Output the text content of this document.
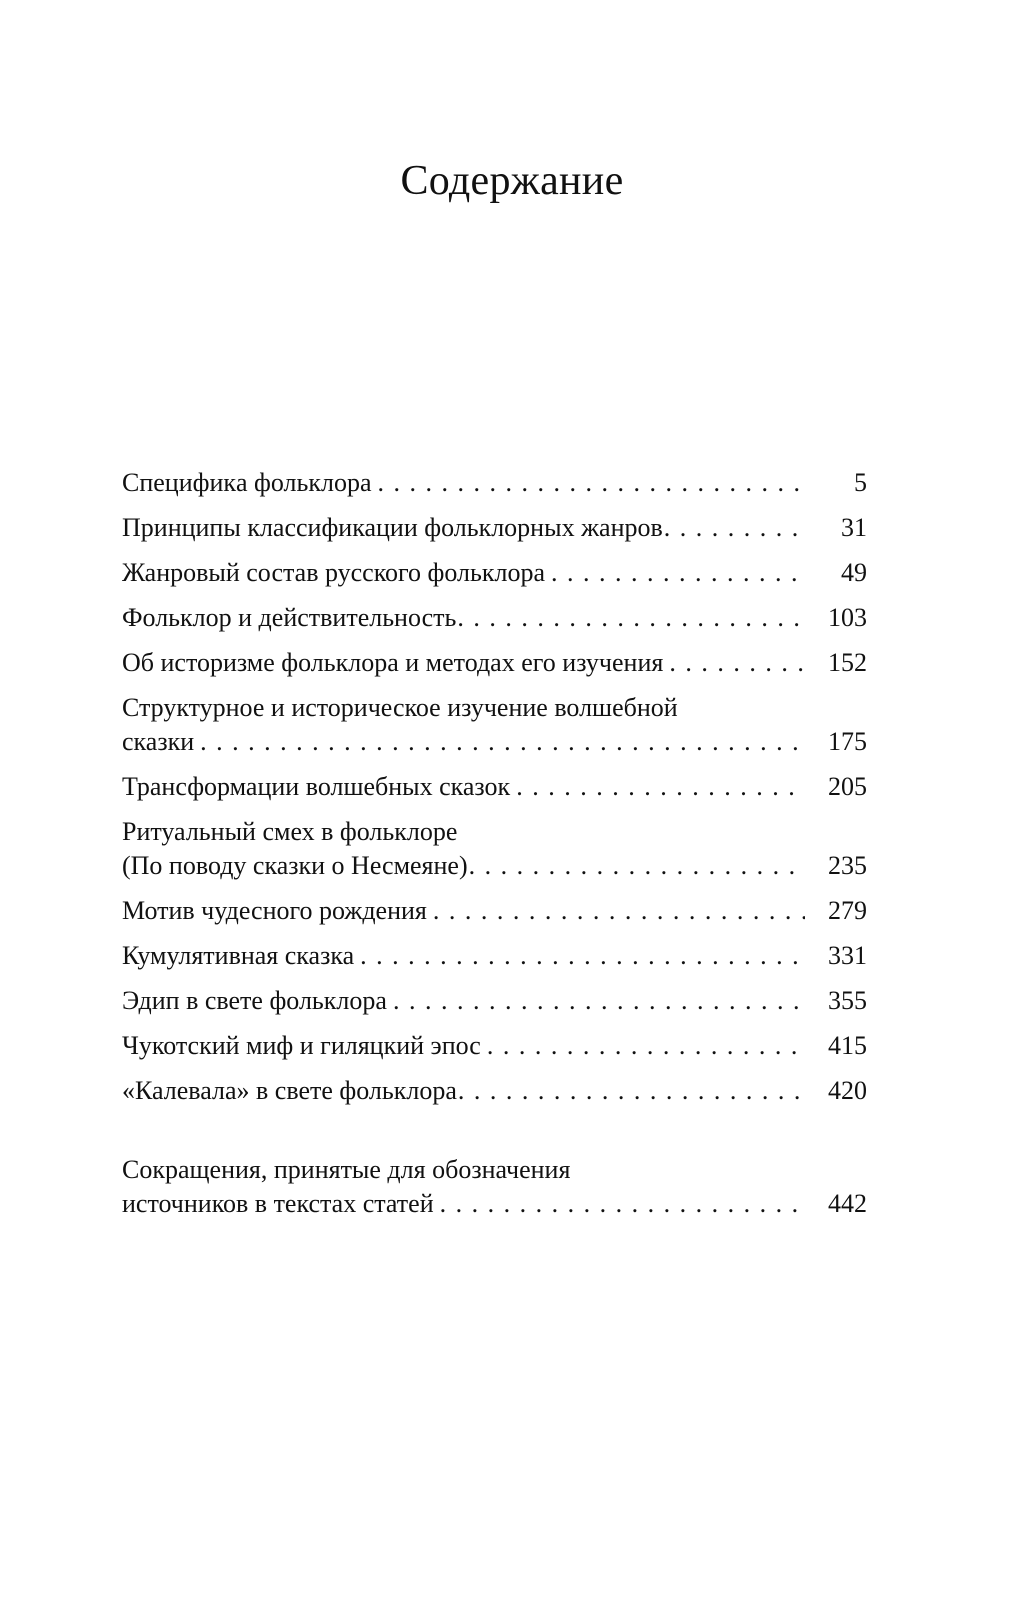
Содержание
Спецификa фольклора . . .	5
Принципы классификации фольклорных жанров . . .	31
Жанровый состав русского фольклора . . .	49
Фольклор и действительность . . .	103
Об историзме фольклора и методах его изучения . . .	152
Структурное и историческое изучение волшебной
сказки . . .	175
Трансформации волшебных сказок . . .	205
Ритуальный смех в фольклоре
(По поводу сказки о Несмеяне) . . .	235
Мотив чудесного рождения . . .	279
Кумулятивная сказка . . .	331
Эдип в свете фольклора . . .	355
Чукотский миф и гиляцкий эпос . . .	415
«Калевала» в свете фольклора . . .	420
Сокращения, принятые для обозначения
источников в текстах статей . . .	442
